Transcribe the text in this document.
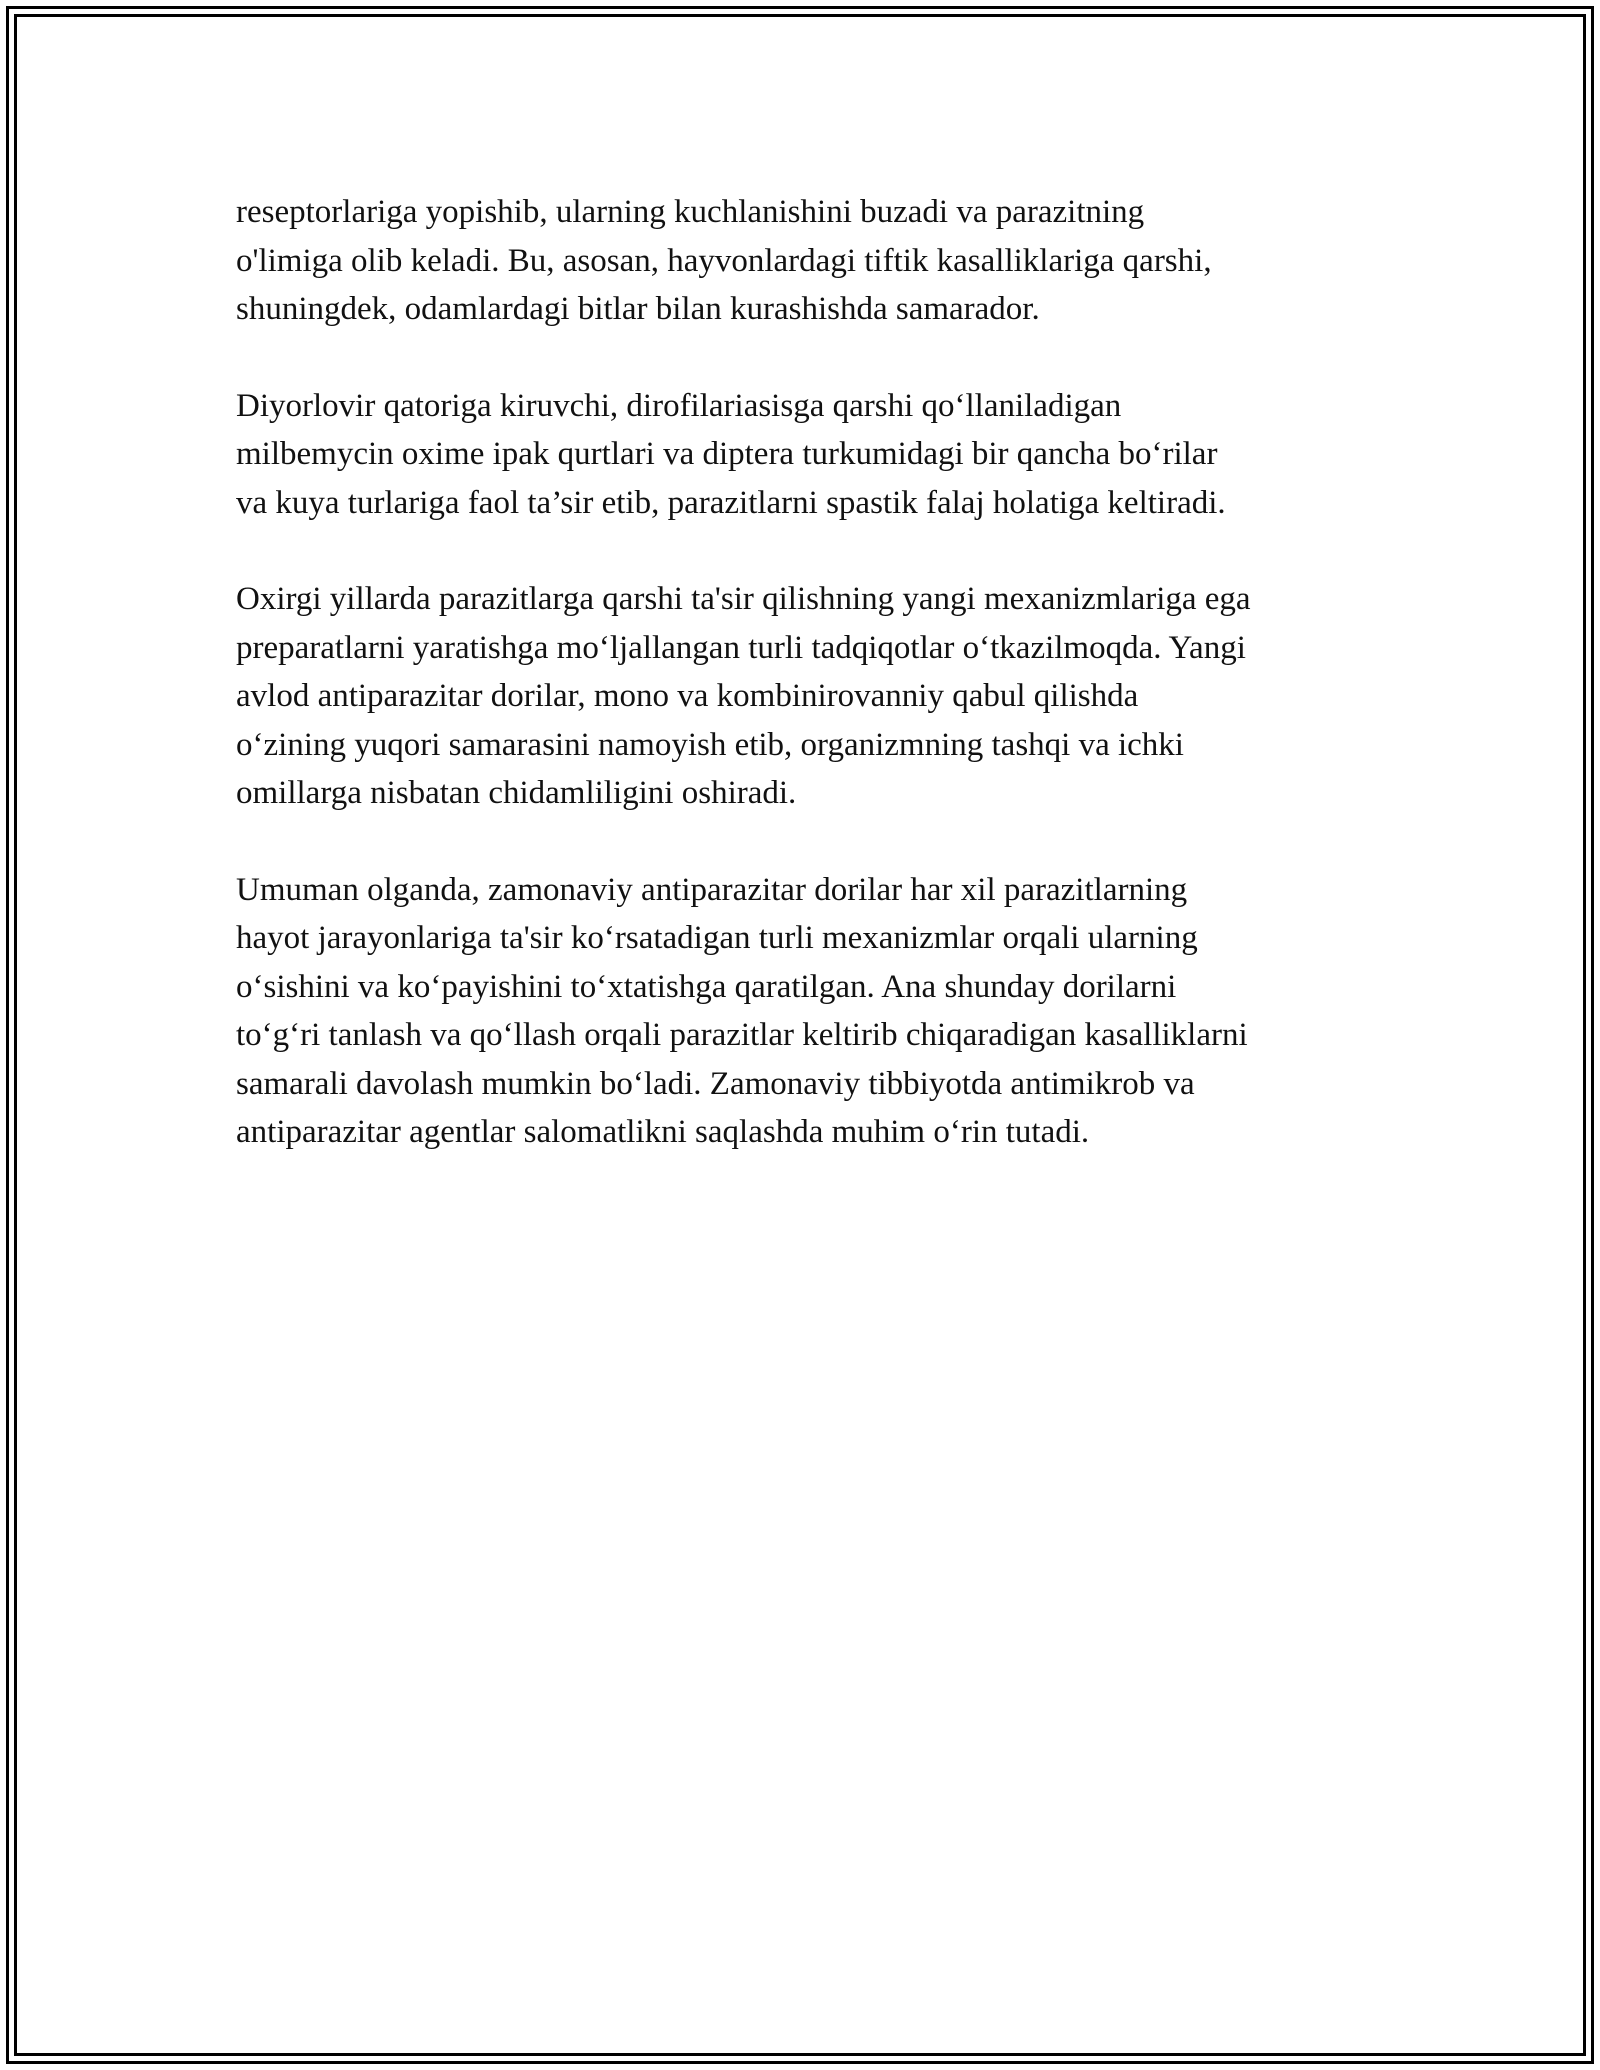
reseptorlariga yopishib, ularning kuchlanishini buzadi va parazitning
o'limiga olib keladi. Bu, asosan, hayvonlardagi tiftik kasalliklariga qarshi,
shuningdek, odamlardagi bitlar bilan kurashishda samarador.

Diyorlovir qatoriga kiruvchi, dirofilariasisga qarshi qo‘llaniladigan
milbemycin oxime ipak qurtlari va diptera turkumidagi bir qancha bo‘rilar
va kuya turlariga faol ta’sir etib, parazitlarni spastik falaj holatiga keltiradi.

Oxirgi yillarda parazitlarga qarshi ta'sir qilishning yangi mexanizmlariga ega
preparatlarni yaratishga mo‘ljallangan turli tadqiqotlar o‘tkazilmoqda. Yangi
avlod antiparazitar dorilar, mono va kombinirovanniy qabul qilishda
o‘zining yuqori samarasini namoyish etib, organizmning tashqi va ichki
omillarga nisbatan chidamliligini oshiradi.

Umuman olganda, zamonaviy antiparazitar dorilar har xil parazitlarning
hayot jarayonlariga ta'sir ko‘rsatadigan turli mexanizmlar orqali ularning
o‘sishini va ko‘payishini to‘xtatishga qaratilgan. Ana shunday dorilarni
to‘g‘ri tanlash va qo‘llash orqali parazitlar keltirib chiqaradigan kasalliklarni
samarali davolash mumkin bo‘ladi. Zamonaviy tibbiyotda antimikrob va
antiparazitar agentlar salomatlikni saqlashda muhim o‘rin tutadi.
